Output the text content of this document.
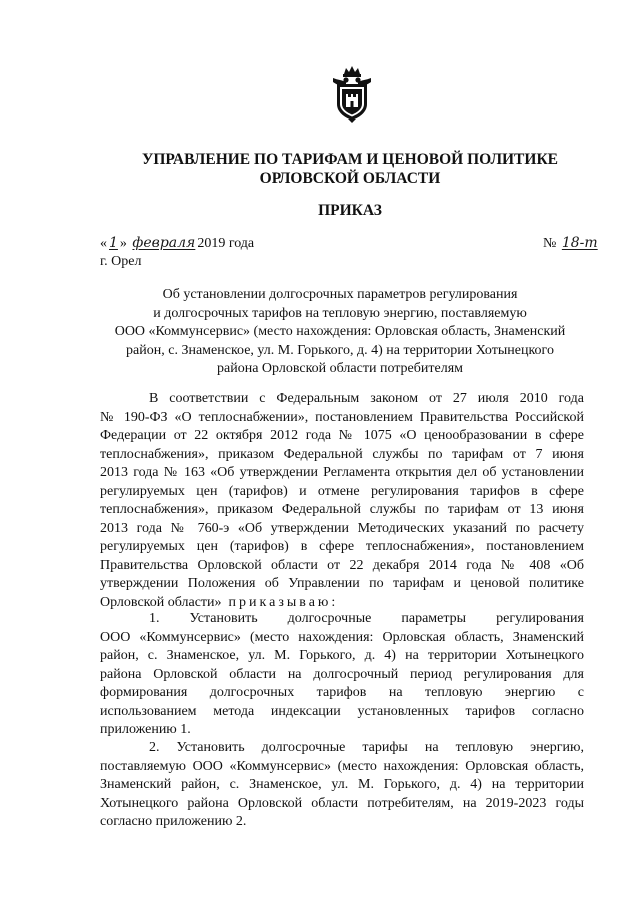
УПРАВЛЕНИЕ ПО ТАРИФАМ И ЦЕНОВОЙ ПОЛИТИКЕ
ОРЛОВСКОЙ ОБЛАСТИ
ПРИКАЗ
« 1 » февраля 2019 года	№ 18-т
г. Орел
Об установлении долгосрочных параметров регулирования
и долгосрочных тарифов на тепловую энергию, поставляемую
ООО «Коммунсервис» (место нахождения: Орловская область, Знаменский
район, с. Знаменское, ул. М. Горького, д. 4) на территории Хотынецкого
района Орловской области потребителям
В соответствии с Федеральным законом от 27 июля 2010 года
№ 190-ФЗ «О теплоснабжении», постановлением Правительства Российской
Федерации от 22 октября 2012 года № 1075 «О ценообразовании в сфере
теплоснабжения», приказом Федеральной службы по тарифам от 7 июня
2013 года № 163 «Об утверждении Регламента открытия дел об установлении
регулируемых цен (тарифов) и отмене регулирования тарифов в сфере
теплоснабжения», приказом Федеральной службы по тарифам от 13 июня
2013 года № 760-э «Об утверждении Методических указаний по расчету
регулируемых цен (тарифов) в сфере теплоснабжения», постановлением
Правительства Орловской области от 22 декабря 2014 года № 408 «Об
утверждении Положения об Управлении по тарифам и ценовой политике
Орловской области» приказываю:
1. Установить долгосрочные параметры регулирования
ООО «Коммунсервис» (место нахождения: Орловская область, Знаменский
район, с. Знаменское, ул. М. Горького, д. 4) на территории Хотынецкого
района Орловской области на долгосрочный период регулирования для
формирования долгосрочных тарифов на тепловую энергию с
использованием метода индексации установленных тарифов согласно
приложению 1.
2. Установить долгосрочные тарифы на тепловую энергию,
поставляемую ООО «Коммунсервис» (место нахождения: Орловская область,
Знаменский район, с. Знаменское, ул. М. Горького, д. 4) на территории
Хотынецкого района Орловской области потребителям, на 2019-2023 годы
согласно приложению 2.
